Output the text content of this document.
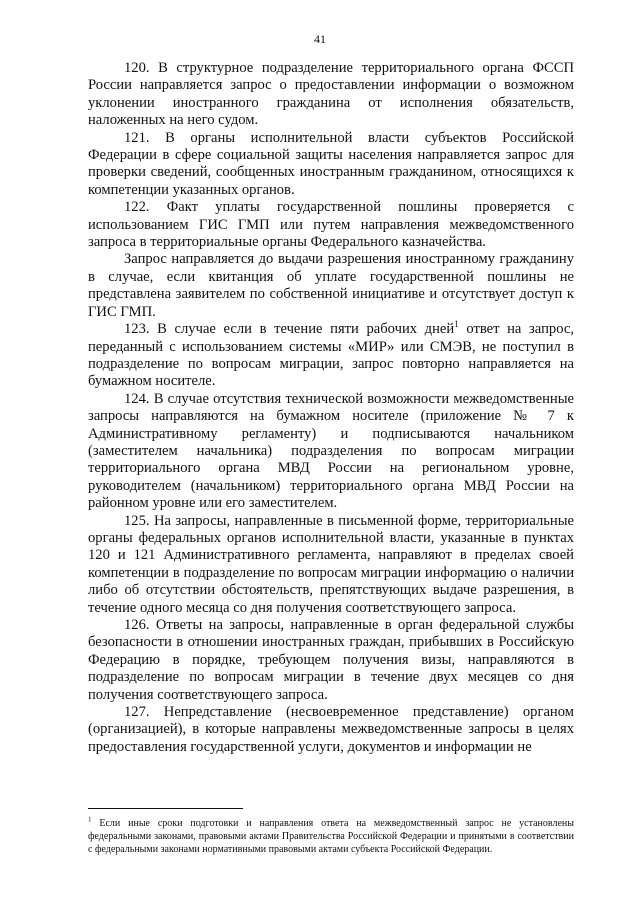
41

120. В структурное подразделение территориального органа ФССП России направляется запрос о предоставлении информации о возможном уклонении иностранного гражданина от исполнения обязательств, наложенных на него судом.

121. В органы исполнительной власти субъектов Российской Федерации в сфере социальной защиты населения направляется запрос для проверки сведений, сообщенных иностранным гражданином, относящихся к компетенции указанных органов.

122. Факт уплаты государственной пошлины проверяется с использованием ГИС ГМП или путем направления межведомственного запроса в территориальные органы Федерального казначейства.

Запрос направляется до выдачи разрешения иностранному гражданину в случае, если квитанция об уплате государственной пошлины не представлена заявителем по собственной инициативе и отсутствует доступ к ГИС ГМП.

123. В случае если в течение пяти рабочих дней$^1$ ответ на запрос, переданный с использованием системы «МИР» или СМЭВ, не поступил в подразделение по вопросам миграции, запрос повторно направляется на бумажном носителе.

124. В случае отсутствия технической возможности межведомственные запросы направляются на бумажном носителе (приложение № 7 к Административному регламенту) и подписываются начальником (заместителем начальника) подразделения по вопросам миграции территориального органа МВД России на региональном уровне, руководителем (начальником) территориального органа МВД России на районном уровне или его заместителем.

125. На запросы, направленные в письменной форме, территориальные органы федеральных органов исполнительной власти, указанные в пунктах 120 и 121 Административного регламента, направляют в пределах своей компетенции в подразделение по вопросам миграции информацию о наличии либо об отсутствии обстоятельств, препятствующих выдаче разрешения, в течение одного месяца со дня получения соответствующего запроса.

126. Ответы на запросы, направленные в орган федеральной службы безопасности в отношении иностранных граждан, прибывших в Российскую Федерацию в порядке, требующем получения визы, направляются в подразделение по вопросам миграции в течение двух месяцев со дня получения соответствующего запроса.

127. Непредставление (несвоевременное представление) органом (организацией), в которые направлены межведомственные запросы в целях предоставления государственной услуги, документов и информации не

$^1$ Если иные сроки подготовки и направления ответа на межведомственный запрос не установлены федеральными законами, правовыми актами Правительства Российской Федерации и принятыми в соответствии с федеральными законами нормативными правовыми актами субъекта Российской Федерации.
